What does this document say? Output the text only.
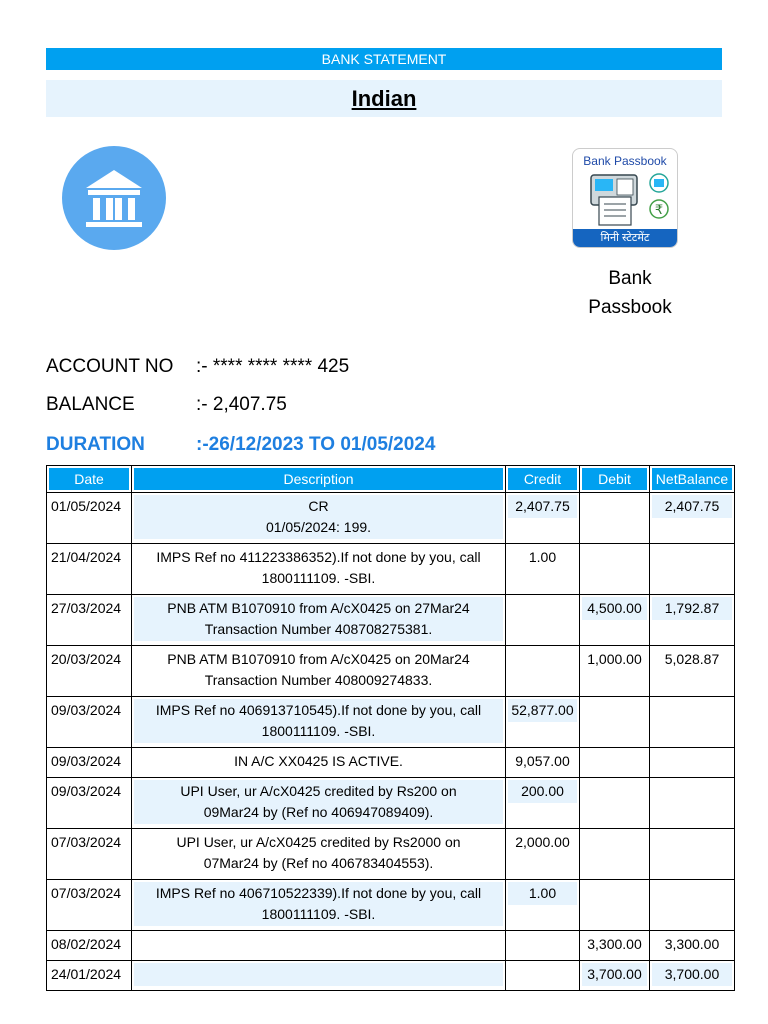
BANK STATEMENT
Indian
Bank Passbook
₹
मिनी स्टेटमेंट
Bank
Passbook
ACCOUNT NO :- **** **** **** 425
BALANCE	:- 2,407.75
DURATION	:-26/12/2023 TO 01/05/2024
Date	Description	Credit	Debit	NetBalance

01/05/2024	CR
01/05/2024: 199.	2,407.75		2,407.75

21/04/2024	IMPS Ref no 411223386352).If not done by you, call
1800111109. -SBI.	1.00		

27/03/2024	PNB ATM B1070910 from A/cX0425 on 27Mar24
Transaction Number 408708275381.		4,500.00	1,792.87

20/03/2024	PNB ATM B1070910 from A/cX0425 on 20Mar24
Transaction Number 408009274833.		1,000.00	5,028.87

09/03/2024	IMPS Ref no 406913710545).If not done by you, call
1800111109. -SBI.	52,877.00		

09/03/2024	IN A/C XX0425 IS ACTIVE.	9,057.00		

09/03/2024	UPI User, ur A/cX0425 credited by Rs200 on
09Mar24 by (Ref no 406947089409).	200.00		

07/03/2024	UPI User, ur A/cX0425 credited by Rs2000 on
07Mar24 by (Ref no 406783404553).	2,000.00		

07/03/2024	IMPS Ref no 406710522339).If not done by you, call
1800111109. -SBI.	1.00		

08/02/2024			3,300.00	3,300.00

24/01/2024			3,700.00	3,700.00
